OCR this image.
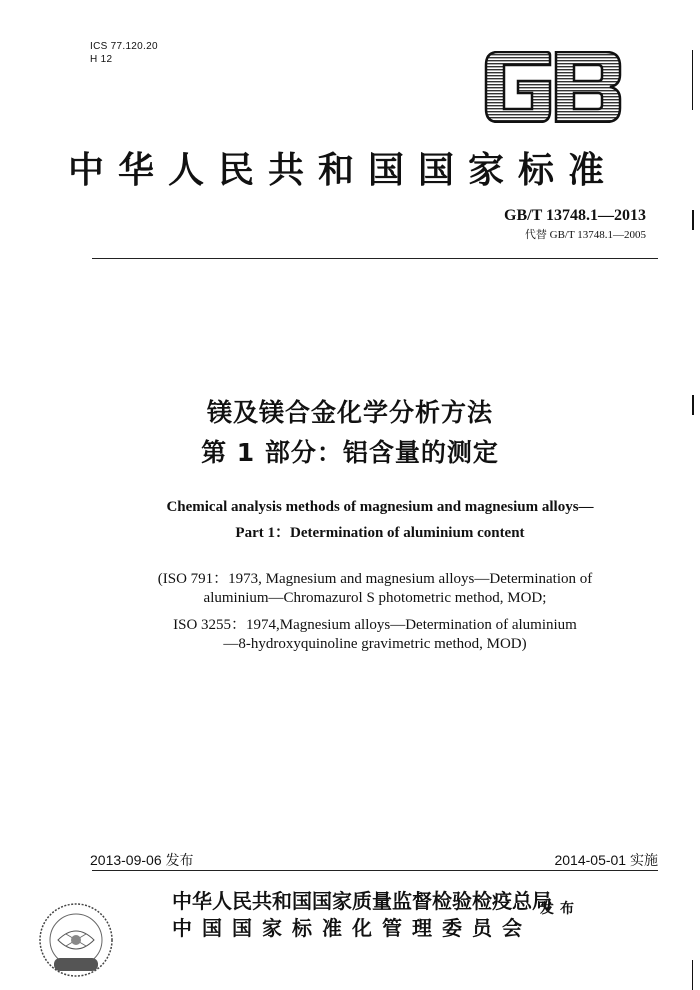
ICS 77.120.20
H 12
中华人民共和国国家标准
GB/T 13748.1—2013
代替 GB/T 13748.1—2005
镁及镁合金化学分析方法
第 1 部分：铝含量的测定
Chemical analysis methods of magnesium and magnesium alloys—
Part 1：Determination of aluminium content
(ISO 791：1973, Magnesium and magnesium alloys—Determination of
aluminium—Chromazurol S photometric method, MOD;
ISO 3255：1974,Magnesium alloys—Determination of aluminium
—8-hydroxyquinoline gravimetric method, MOD)
2013-09-06 发布	2014-05-01 实施
中华人民共和国国家质量监督检验检疫总局
中国国家标准化管理委员会
发布
